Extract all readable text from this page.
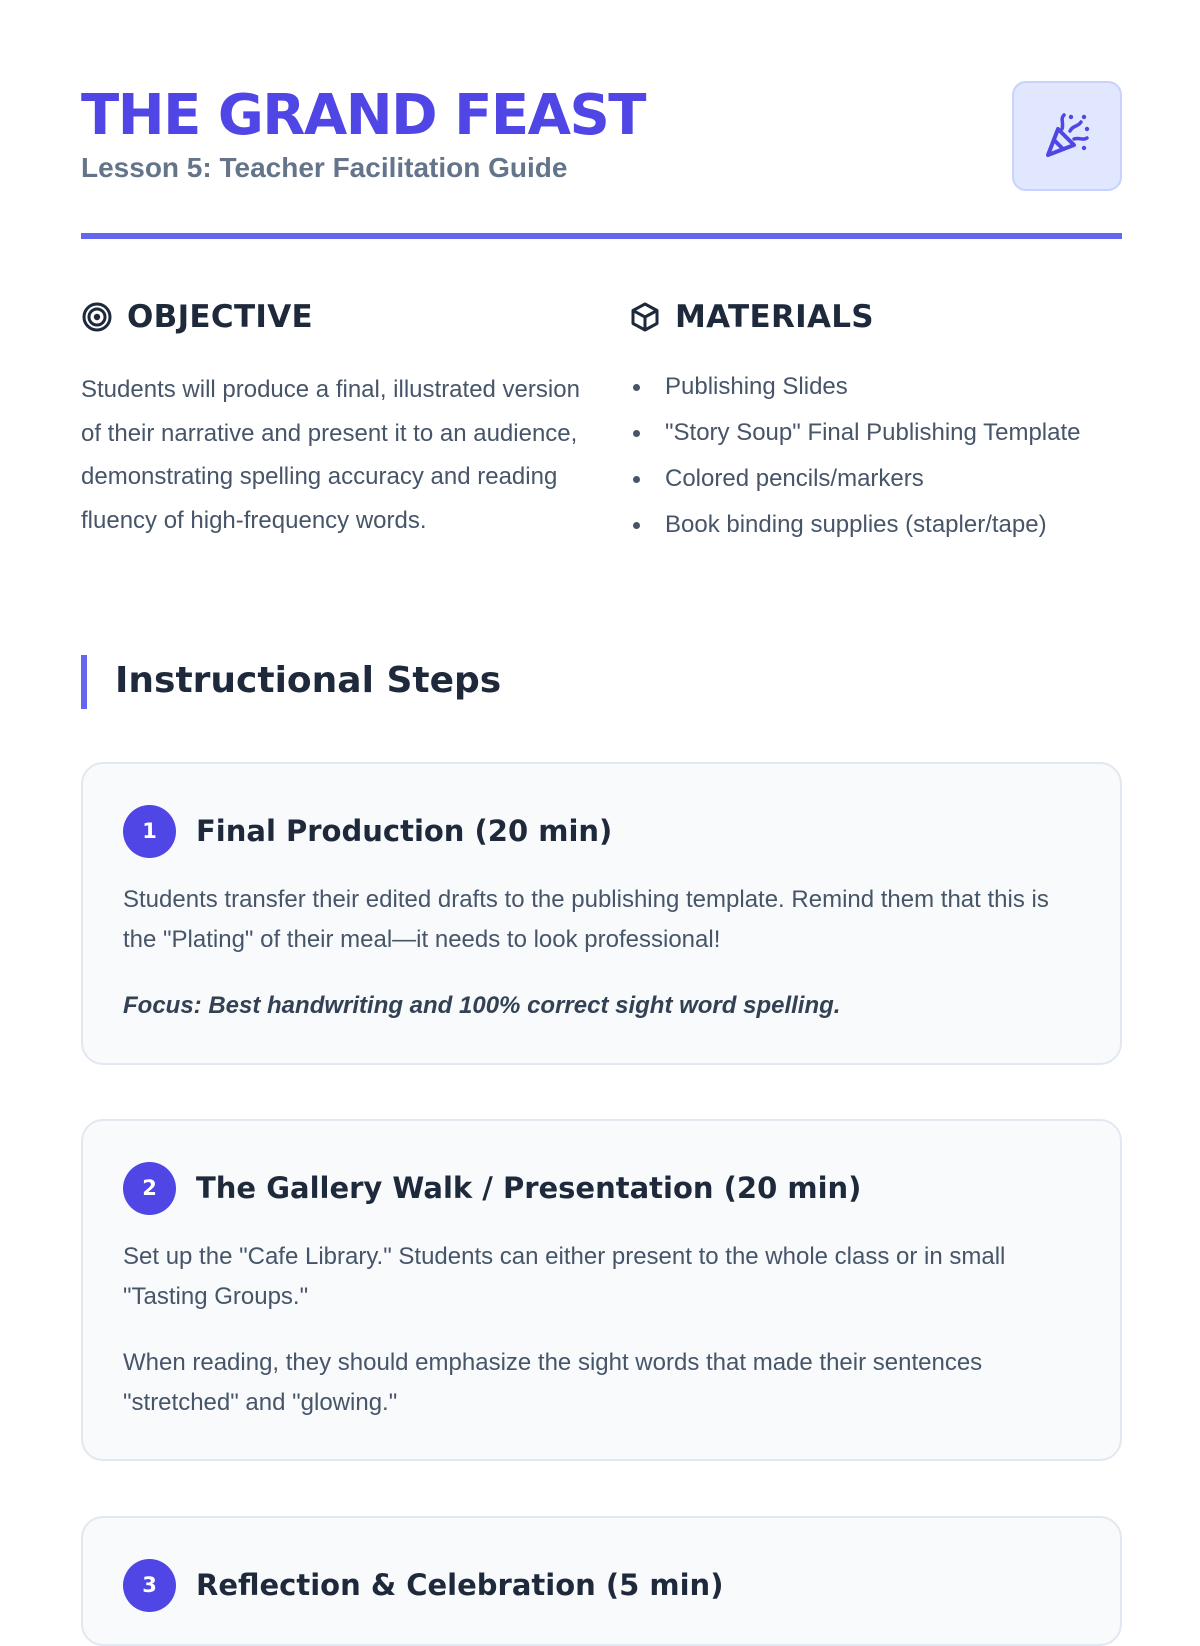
THE GRAND FEAST

Lesson 5: Teacher Facilitation Guide

OBJECTIVE

Students will produce a final, illustrated version of their narrative and present it to an audience, demonstrating spelling accuracy and reading fluency of high-frequency words.

MATERIALS
Publishing Slides
"Story Soup" Final Publishing Template
Colored pencils/markers
Book binding supplies (stapler/tape)
Instructional Steps
1	Final Production (20 min)

Students transfer their edited drafts to the publishing template. Remind them that this is the "Plating" of their meal—it needs to look professional!

Focus: Best handwriting and 100% correct sight word spelling.

2	The Gallery Walk / Presentation (20 min)

Set up the "Cafe Library." Students can either present to the whole class or in small "Tasting Groups."

When reading, they should emphasize the sight words that made their sentences "stretched" and "glowing."

3	Reflection & Celebration (5 min)
